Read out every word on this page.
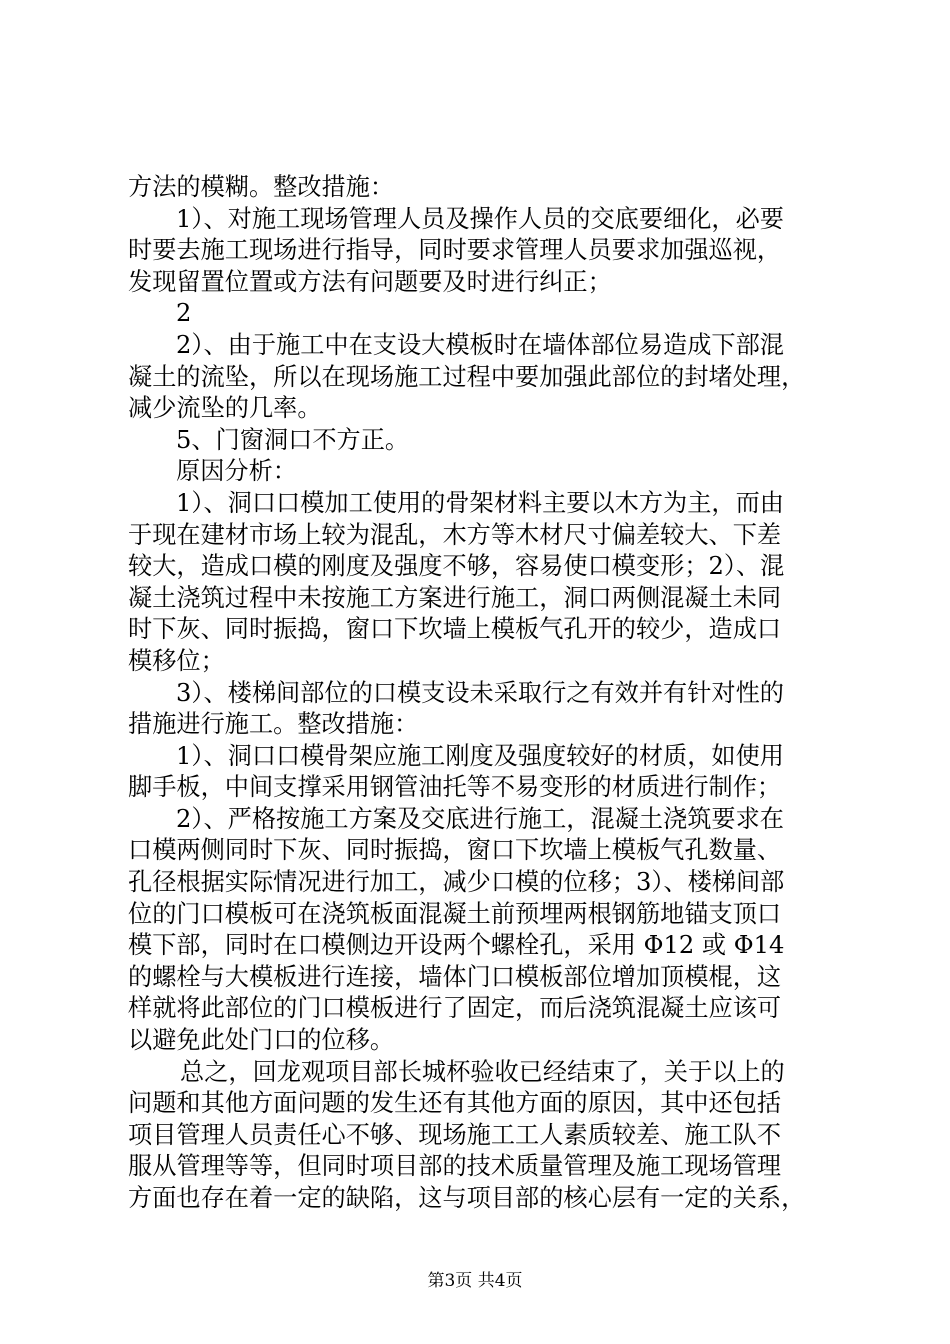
方法的模糊。整改措施：
1）、对施工现场管理人员及操作人员的交底要细化，必要
时要去施工现场进行指导，同时要求管理人员要求加强巡视，
发现留置位置或方法有问题要及时进行纠正；
2
2）、由于施工中在支设大模板时在墙体部位易造成下部混
凝土的流坠，所以在现场施工过程中要加强此部位的封堵处理，
减少流坠的几率。
5、门窗洞口不方正。
原因分析：
1）、洞口口模加工使用的骨架材料主要以木方为主，而由
于现在建材市场上较为混乱，木方等木材尺寸偏差较大、下差
较大，造成口模的刚度及强度不够，容易使口模变形；2）、混
凝土浇筑过程中未按施工方案进行施工，洞口两侧混凝土未同
时下灰、同时振捣，窗口下坎墙上模板气孔开的较少，造成口
模移位；
3）、楼梯间部位的口模支设未采取行之有效并有针对性的
措施进行施工。整改措施：
1）、洞口口模骨架应施工刚度及强度较好的材质，如使用
脚手板，中间支撑采用钢管油托等不易变形的材质进行制作；
2）、严格按施工方案及交底进行施工，混凝土浇筑要求在
口模两侧同时下灰、同时振捣，窗口下坎墙上模板气孔数量、
孔径根据实际情况进行加工，减少口模的位移；3）、楼梯间部
位的门口模板可在浇筑板面混凝土前预埋两根钢筋地锚支顶口
模下部，同时在口模侧边开设两个螺栓孔，采用 Φ12 或 Φ14
的螺栓与大模板进行连接，墙体门口模板部位增加顶模棍，这
样就将此部位的门口模板进行了固定，而后浇筑混凝土应该可
以避免此处门口的位移。
总之，回龙观项目部长城杯验收已经结束了，关于以上的
问题和其他方面问题的发生还有其他方面的原因，其中还包括
项目管理人员责任心不够、现场施工工人素质较差、施工队不
服从管理等等，但同时项目部的技术质量管理及施工现场管理
方面也存在着一定的缺陷，这与项目部的核心层有一定的关系，
第3页 共4页
